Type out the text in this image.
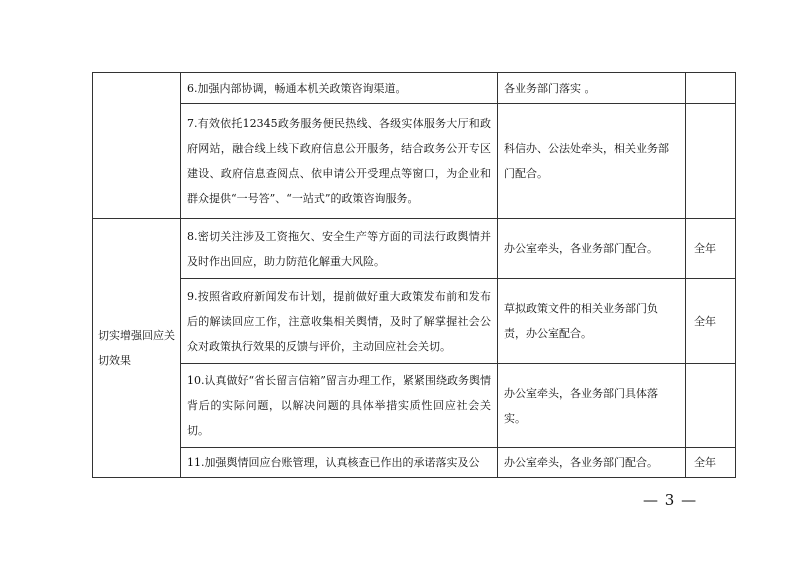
	6.加强内部协调，畅通本机关政策咨询渠道。	各业务部门落实 。	
	7.有效依托12345政务服务便民热线、各级实体服务大厅和政府网站，融合线上线下政府信息公开服务，结合政务公开专区建设、政府信息查阅点、依申请公开受理点等窗口，为企业和群众提供“一号答”、“一站式”的政策咨询服务。	科信办、公法处牵头，相关业务部门配合。	
切实增强回应关切效果	8.密切关注涉及工资拖欠、安全生产等方面的司法行政舆情并及时作出回应，助力防范化解重大风险。	办公室牵头，各业务部门配合。	全年
	9.按照省政府新闻发布计划，提前做好重大政策发布前和发布后的解读回应工作，注意收集相关舆情，及时了解掌握社会公众对政策执行效果的反馈与评价，主动回应社会关切。	草拟政策文件的相关业务部门负责，办公室配合。	全年
	10.认真做好“省长留言信箱”留言办理工作，紧紧围绕政务舆情背后的实际问题，以解决问题的具体举措实质性回应社会关切。	办公室牵头，各业务部门具体落实。	
	11.加强舆情回应台账管理，认真核查已作出的承诺落实及公	办公室牵头，各业务部门配合。	全年
— 3 —
